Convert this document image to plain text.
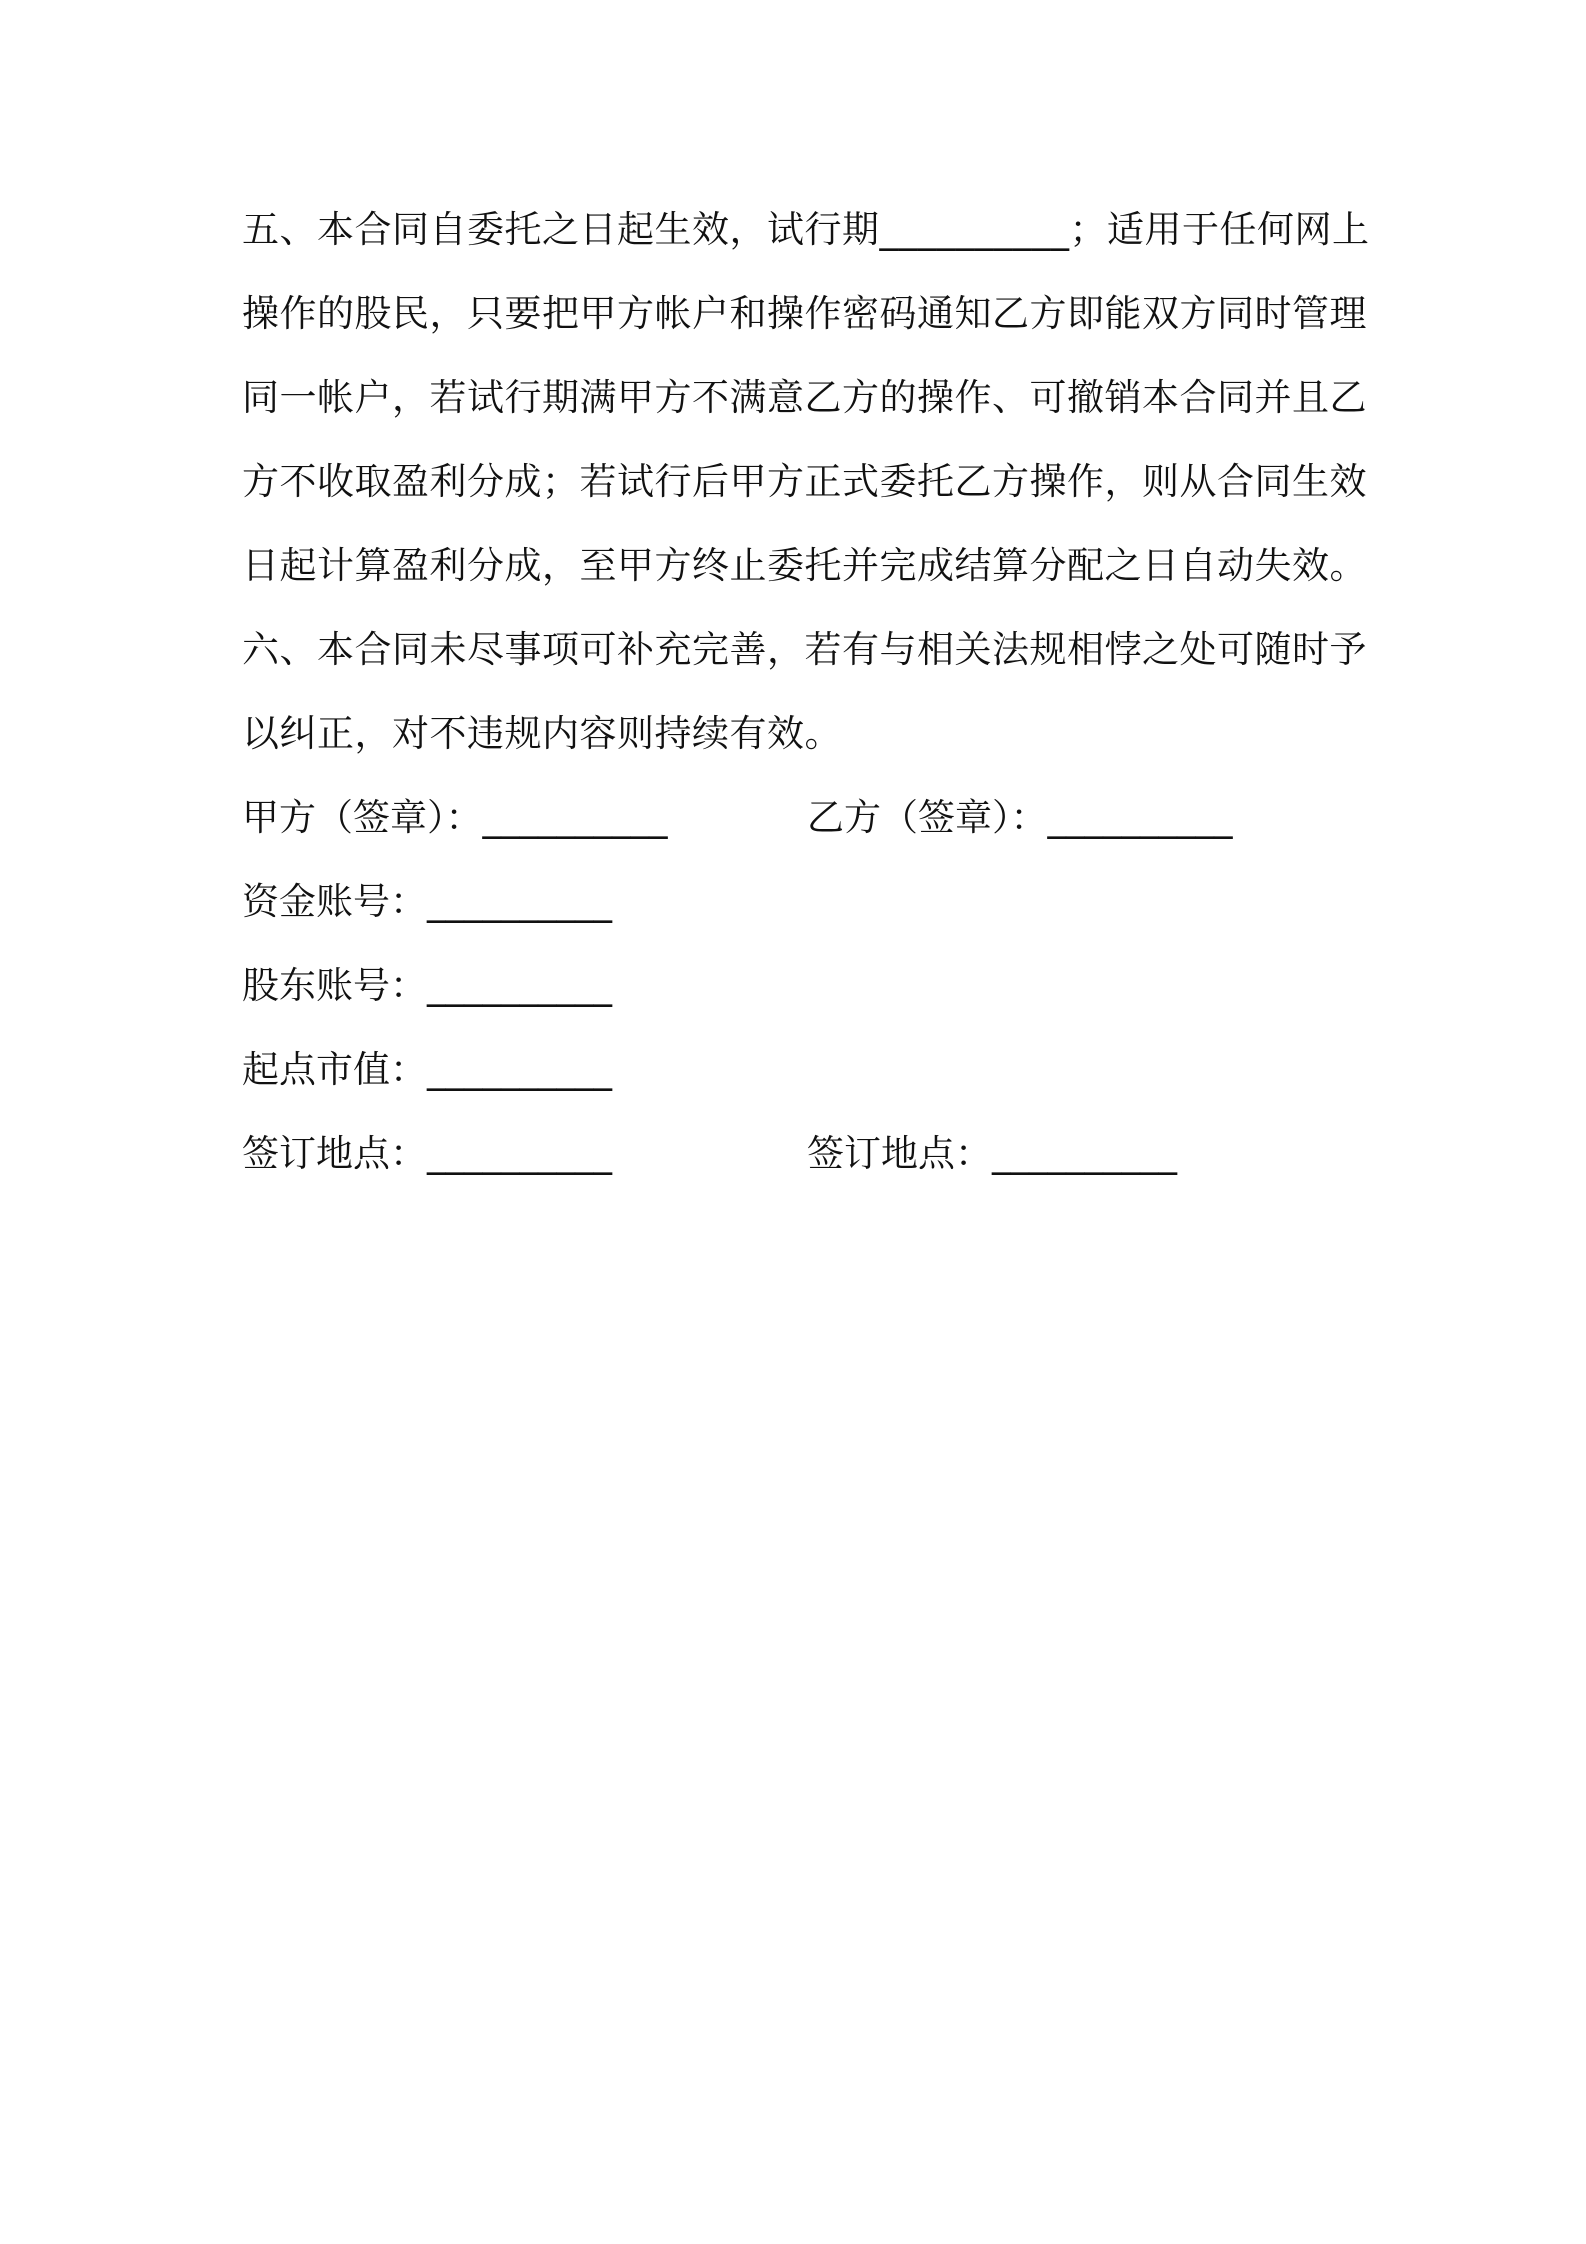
五、本合同自委托之日起生效，试行期__________；适用于任何网上
操作的股民，只要把甲方帐户和操作密码通知乙方即能双方同时管理
同一帐户，若试行期满甲方不满意乙方的操作、可撤销本合同并且乙
方不收取盈利分成；若试行后甲方正式委托乙方操作，则从合同生效
日起计算盈利分成，至甲方终止委托并完成结算分配之日自动失效。
六、本合同未尽事项可补充完善，若有与相关法规相悖之处可随时予
以纠正，对不违规内容则持续有效。
甲方（签章）：__________	乙方（签章）：__________
资金账号：__________
股东账号：__________
起点市值：__________
签订地点：__________	签订地点：__________
